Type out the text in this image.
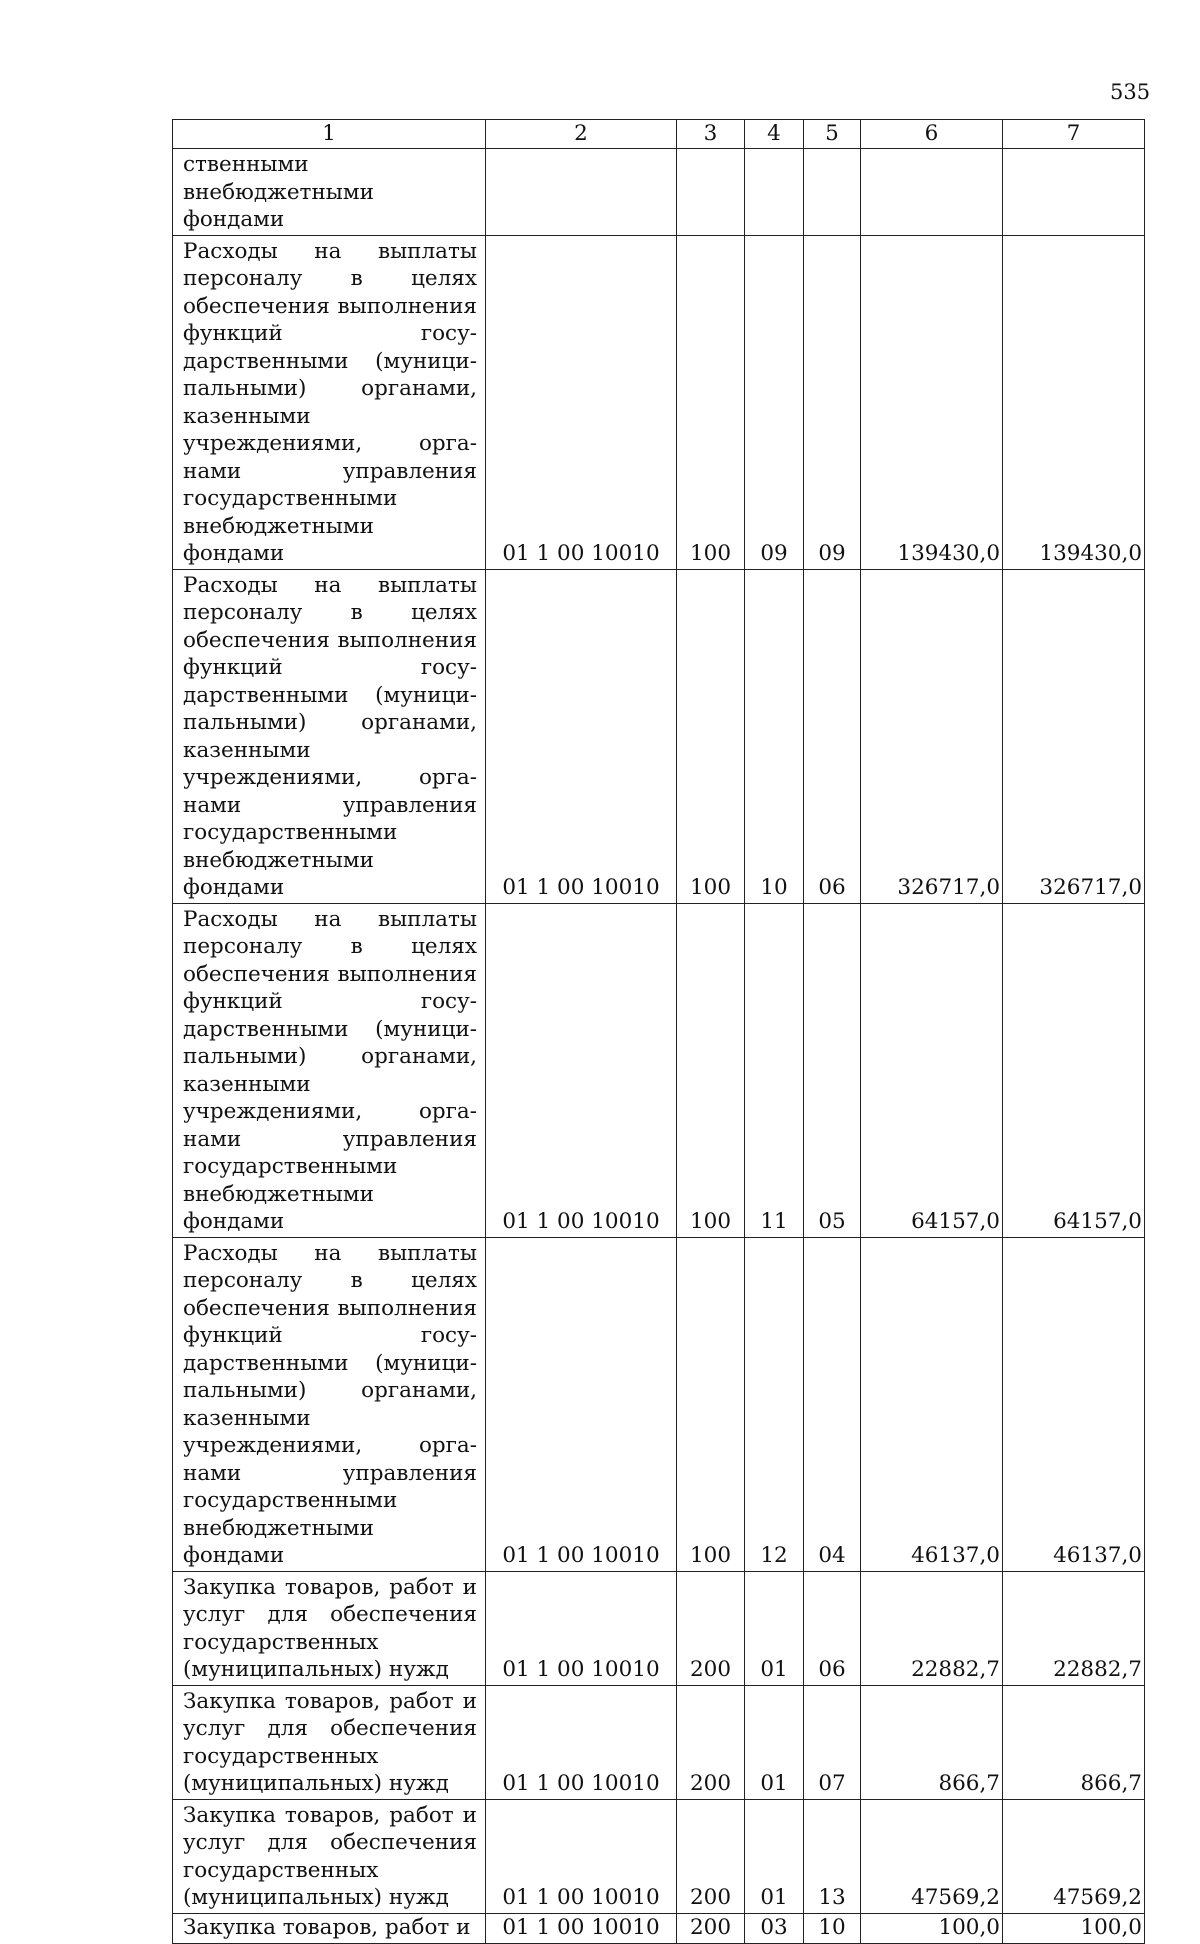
535
1	2	3	4	5	6	7
ственными внебюджетными фондами						
Расходы на выплаты персоналу в целях обеспечения выполнения функций государственными (муниципальными) органами, казенными учреждениями, органами управления государственными внебюджетными фондами	01 1 00 10010	100	09	09	139430,0	139430,0
Расходы на выплаты персоналу в целях обеспечения выполнения функций государственными (муниципальными) органами, казенными учреждениями, органами управления государственными внебюджетными фондами	01 1 00 10010	100	10	06	326717,0	326717,0
Расходы на выплаты персоналу в целях обеспечения выполнения функций государственными (муниципальными) органами, казенными учреждениями, органами управления государственными внебюджетными фондами	01 1 00 10010	100	11	05	64157,0	64157,0
Расходы на выплаты персоналу в целях обеспечения выполнения функций государственными (муниципальными) органами, казенными учреждениями, органами управления государственными внебюджетными фондами	01 1 00 10010	100	12	04	46137,0	46137,0
Закупка товаров, работ и услуг для обеспечения государственных (муниципальных) нужд	01 1 00 10010	200	01	06	22882,7	22882,7
Закупка товаров, работ и услуг для обеспечения государственных (муниципальных) нужд	01 1 00 10010	200	01	07	866,7	866,7
Закупка товаров, работ и услуг для обеспечения государственных (муниципальных) нужд	01 1 00 10010	200	01	13	47569,2	47569,2
Закупка товаров, работ и	01 1 00 10010	200	03	10	100,0	100,0
